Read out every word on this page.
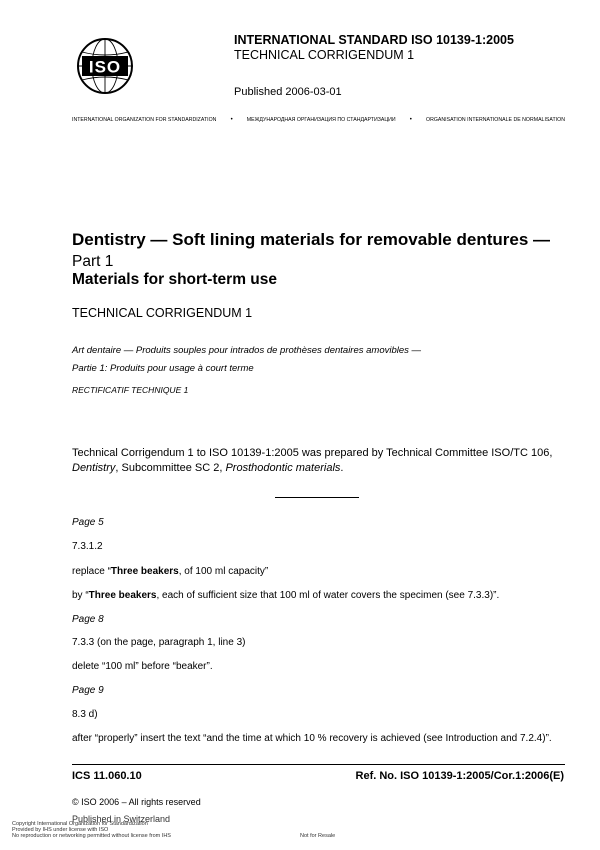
ISO
INTERNATIONAL STANDARD ISO 10139-1:2005
TECHNICAL CORRIGENDUM 1
Published 2006-03-01
INTERNATIONAL ORGANIZATION FOR STANDARDIZATION •	МЕЖДУНАРОДНАЯ ОРГАНИЗАЦИЯ ПО СТАНДАРТИЗАЦИИ •	ORGANISATION INTERNATIONALE DE NORMALISATION
Dentistry — Soft lining materials for removable dentures —
Part 1
Materials for short-term use
TECHNICAL CORRIGENDUM 1
Art dentaire — Produits souples pour intrados de prothèses dentaires amovibles —
Partie 1: Produits pour usage à court terme
RECTIFICATIF TECHNIQUE 1
Technical Corrigendum 1 to ISO 10139-1:2005 was prepared by Technical Committee ISO/TC 106, Dentistry, Subcommittee SC 2, Prosthodontic materials.
Page 5
7.3.1.2
replace “Three beakers, of 100 ml capacity”
by “Three beakers, each of sufficient size that 100 ml of water covers the specimen (see 7.3.3)”.
Page 8
7.3.3 (on the page, paragraph 1, line 3)
delete “100 ml” before “beaker”.
Page 9
8.3 d)
after “properly” insert the text “and the time at which 10 % recovery is achieved (see Introduction and 7.2.4)”.
ICS 11.060.10	Ref. No. ISO 10139-1:2005/Cor.1:2006(E)
© ISO 2006 – All rights reserved
Published in Switzerland
Copyright International Organization for Standardization
Provided by IHS under license with ISO
No reproduction or networking permitted without license from IHS	Not for Resale
